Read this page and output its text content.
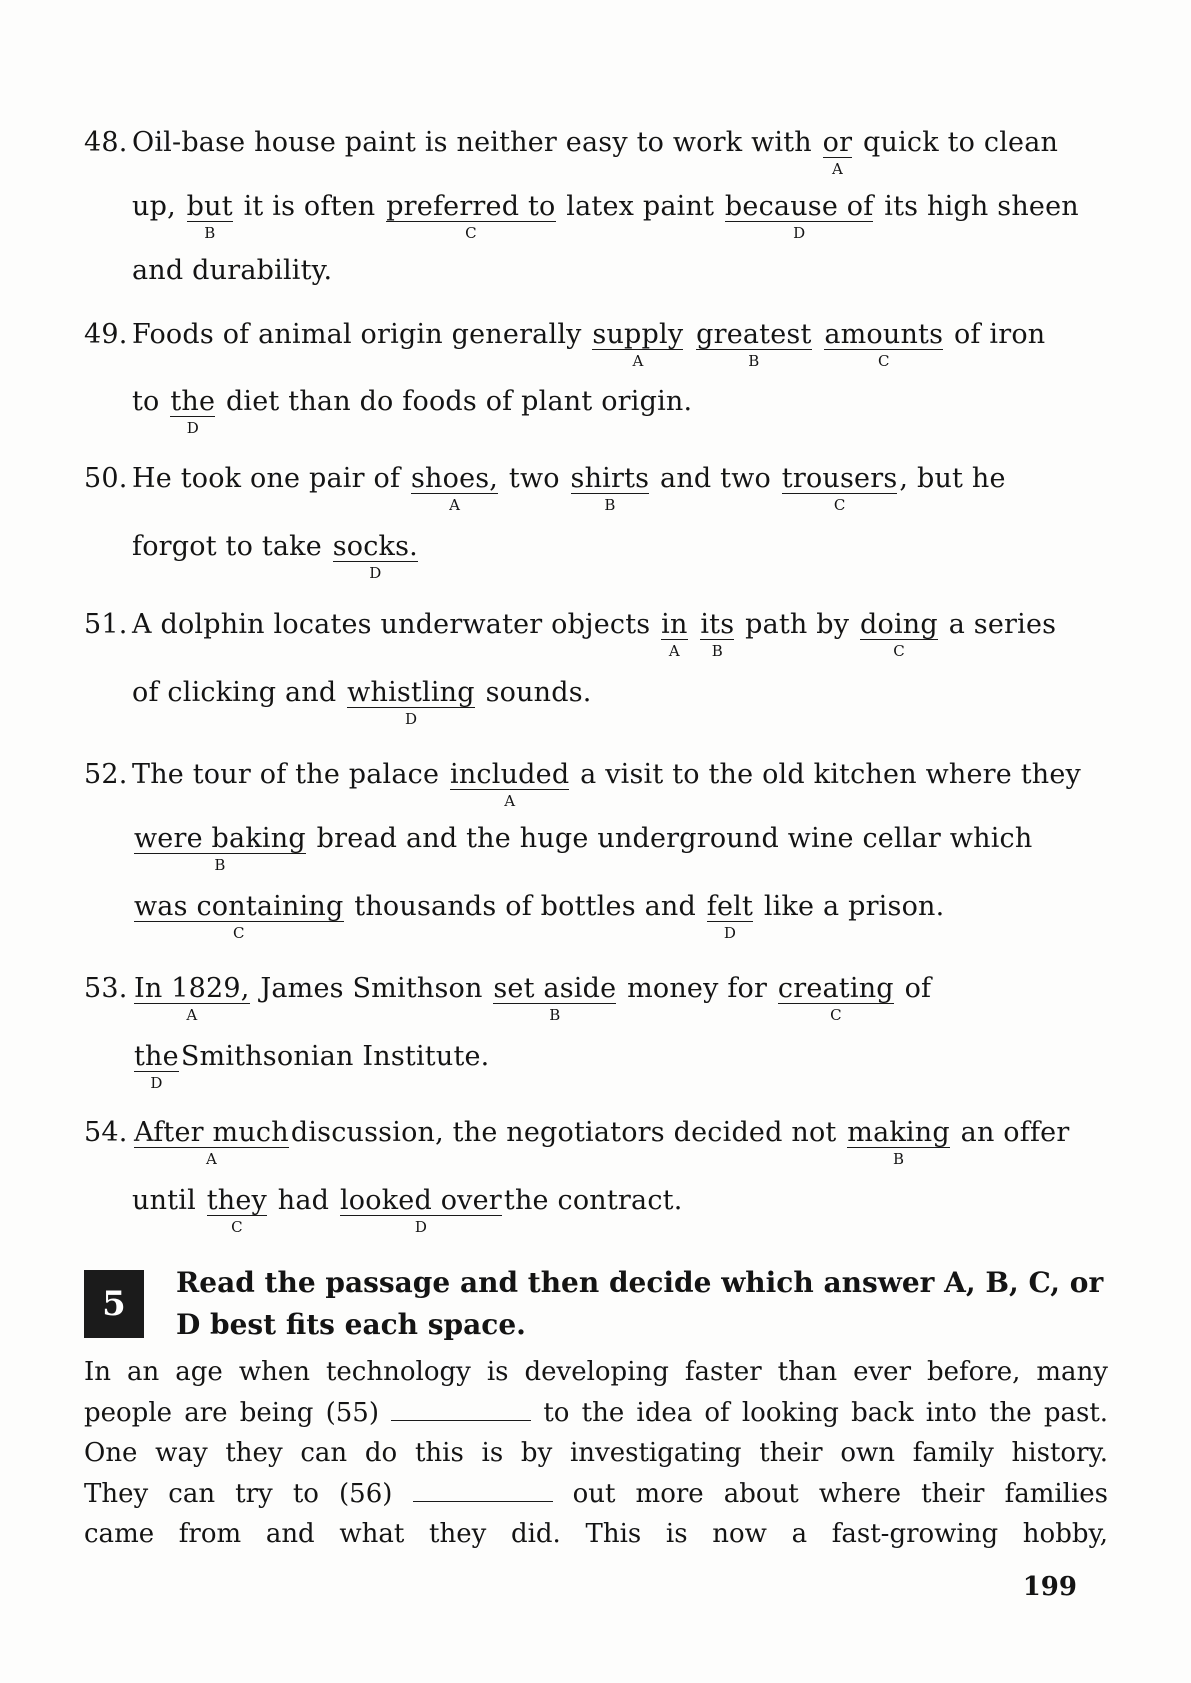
48. Oil-base house paint is neither easy to work with or
A
quick to clean
up, but
B
it is often preferred to
C
latex paint because of
D
its high sheen
and durability.
49. Foods of animal origin generally supply
A
greatest
B
amounts
C
of iron
to the
D
diet than do foods of plant origin.
50. He took one pair of shoes,
A
two shirts
B
and two trousers
C
, but he
forgot to take socks.
D
51. A dolphin locates underwater objects in
A
its
B
path by doing
C
a series
of clicking and whistling
D
sounds.
52. The tour of the palace included
A
a visit to the old kitchen where they
were baking
B
bread and the huge underground wine cellar which
was containing
C
thousands of bottles and felt
D
like a prison.
53. In 1829,
A
James Smithson set aside
B
money for creating
C
of
the
D
Smithsonian Institute.
54. After much
A
discussion, the negotiators decided not making
B
an offer
until they
C
had looked over
D
the contract.
5
Read the passage and then decide which answer A, B, C, or D best fits each space.
In an age when technology is developing faster than ever before, many
people are being (55)	to the idea of looking back into the past.
One way they can do this is by investigating their own family history.
They can try to (56)	out more about where their families
came from and what they did. This is now a fast-growing hobby,
199
